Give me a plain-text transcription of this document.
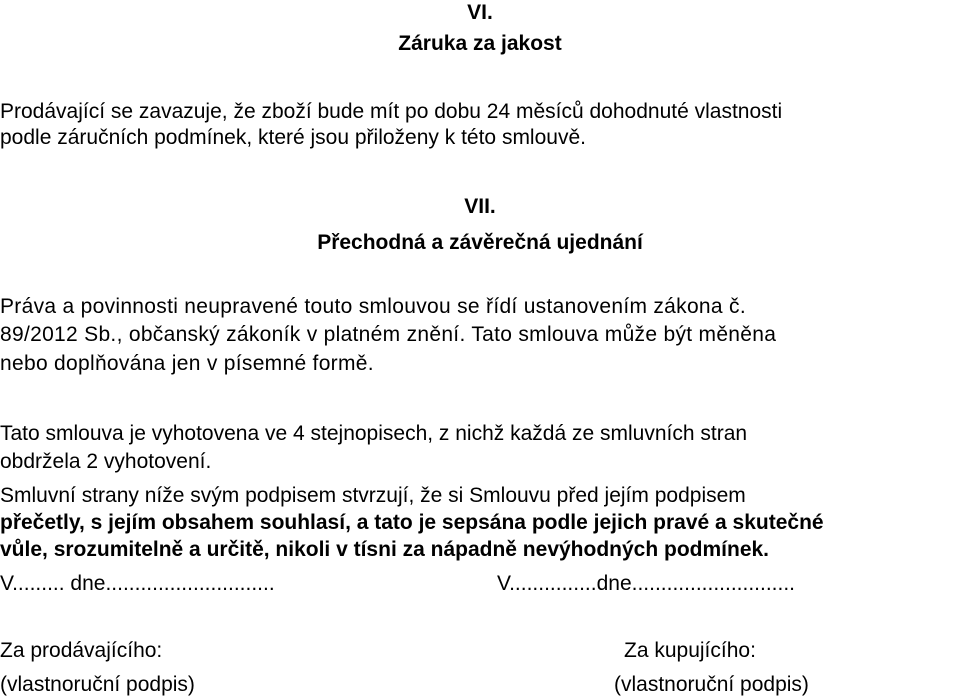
VI.
Záruka za jakost
Prodávající se zavazuje, že zboží bude mít po dobu 24 měsíců dohodnuté vlastnosti
podle záručních podmínek, které jsou přiloženy k této smlouvě.
VII.
Přechodná a závěrečná ujednání
Práva a povinnosti neupravené touto smlouvou se řídí ustanovením zákona č.
89/2012 Sb., občanský zákoník v platném znění. Tato smlouva může být měněna
nebo doplňována jen v písemné formě.
Tato smlouva je vyhotovena ve 4 stejnopisech, z nichž každá ze smluvních stran
obdržela 2 vyhotovení.
Smluvní strany níže svým podpisem stvrzují, že si Smlouvu před jejím podpisem
přečetly, s jejím obsahem souhlasí, a tato je sepsána podle jejich pravé a skutečné
vůle, srozumitelně a určitě, nikoli v tísni za nápadně nevýhodných podmínek.
V......... dne.............................	V...............dne............................
Za prodávajícího:	Za kupujícího:
(vlastnoruční podpis)	(vlastnoruční podpis)
